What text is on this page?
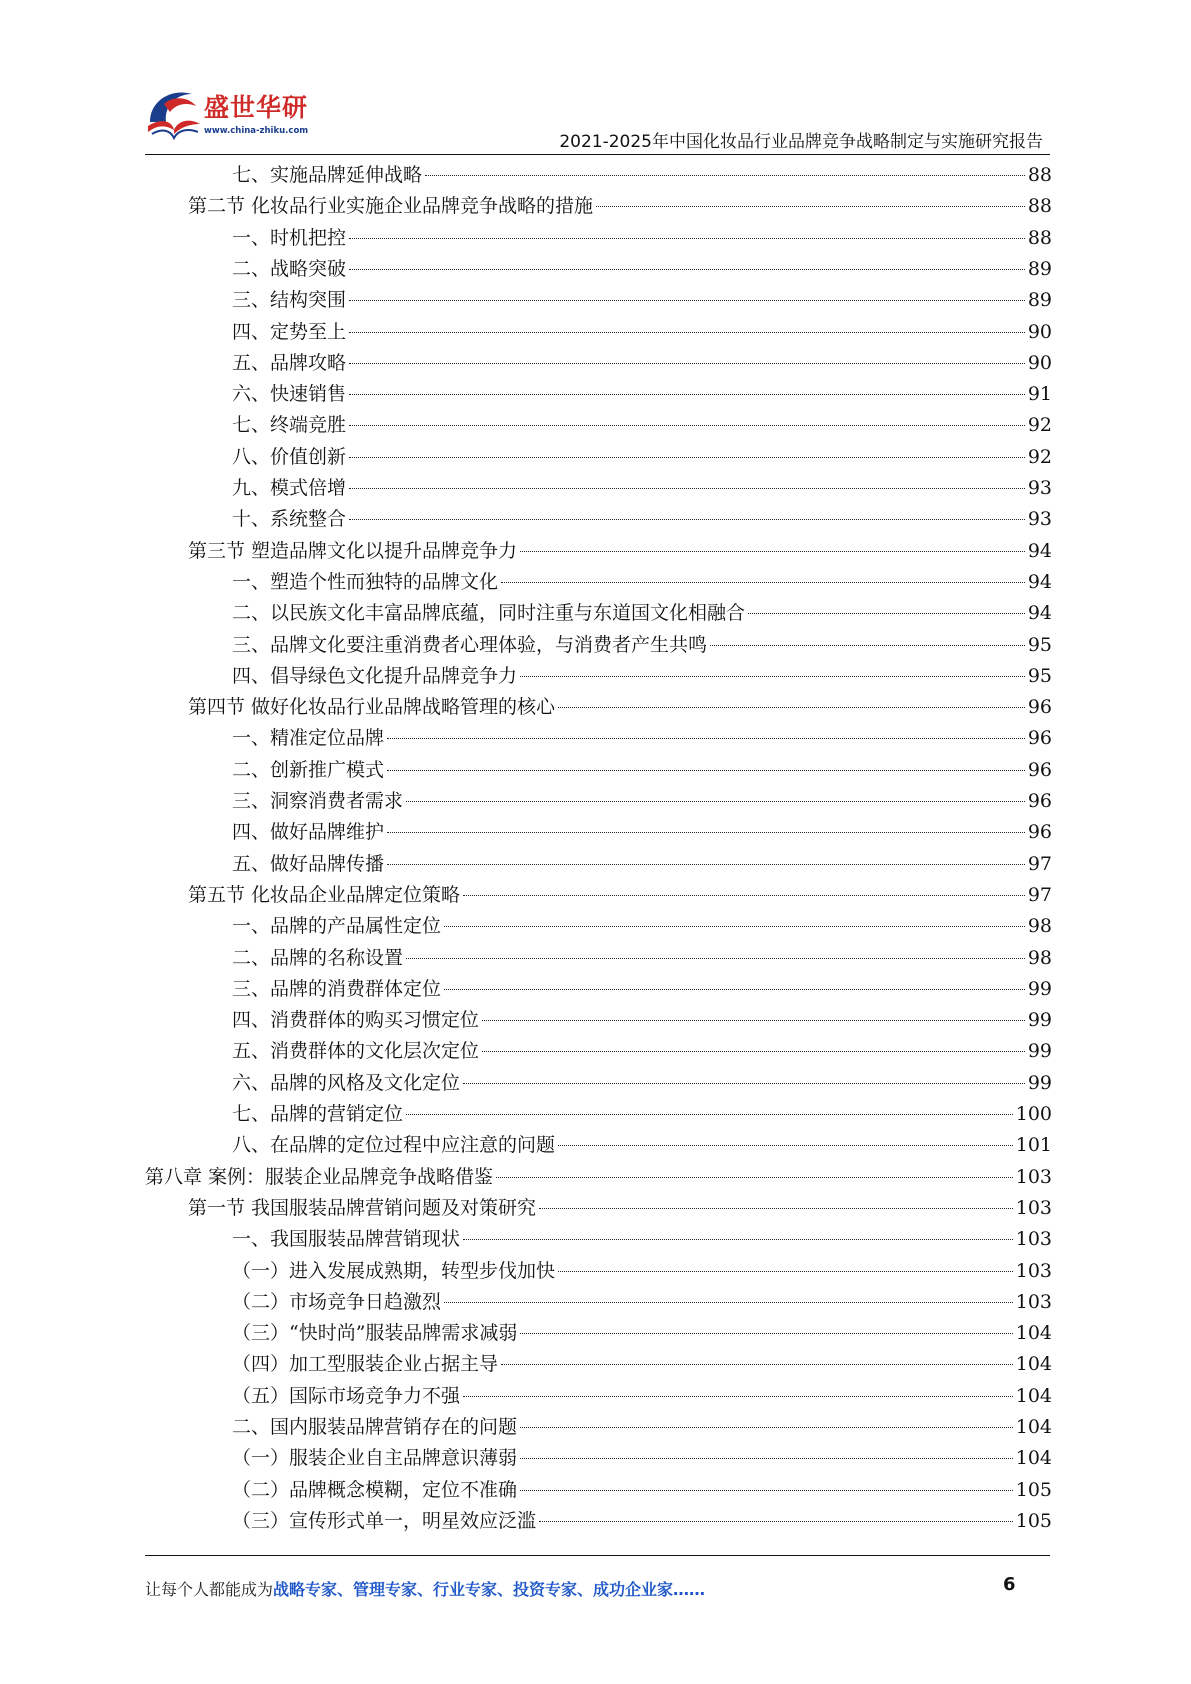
盛世华研
www.china-zhiku.com
2021-2025年中国化妆品行业品牌竞争战略制定与实施研究报告
七、实施品牌延伸战略	88
第二节 化妆品行业实施企业品牌竞争战略的措施	88
一、时机把控	88
二、战略突破	89
三、结构突围	89
四、定势至上	90
五、品牌攻略	90
六、快速销售	91
七、终端竞胜	92
八、价值创新	92
九、模式倍增	93
十、系统整合	93
第三节 塑造品牌文化以提升品牌竞争力	94
一、塑造个性而独特的品牌文化	94
二、以民族文化丰富品牌底蕴，同时注重与东道国文化相融合	94
三、品牌文化要注重消费者心理体验，与消费者产生共鸣	95
四、倡导绿色文化提升品牌竞争力	95
第四节 做好化妆品行业品牌战略管理的核心	96
一、精准定位品牌	96
二、创新推广模式	96
三、洞察消费者需求	96
四、做好品牌维护	96
五、做好品牌传播	97
第五节 化妆品企业品牌定位策略	97
一、品牌的产品属性定位	98
二、品牌的名称设置	98
三、品牌的消费群体定位	99
四、消费群体的购买习惯定位	99
五、消费群体的文化层次定位	99
六、品牌的风格及文化定位	99
七、品牌的营销定位	100
八、在品牌的定位过程中应注意的问题	101
第八章 案例：服装企业品牌竞争战略借鉴	103
第一节 我国服装品牌营销问题及对策研究	103
一、我国服装品牌营销现状	103
（一）进入发展成熟期，转型步伐加快	103
（二）市场竞争日趋激烈	103
（三）“快时尚”服装品牌需求减弱	104
（四）加工型服装企业占据主导	104
（五）国际市场竞争力不强	104
二、国内服装品牌营销存在的问题	104
（一）服装企业自主品牌意识薄弱	104
（二）品牌概念模糊，定位不准确	105
（三）宣传形式单一，明星效应泛滥	105
让每个人都能成为战略专家、管理专家、行业专家、投资专家、成功企业家……	6
